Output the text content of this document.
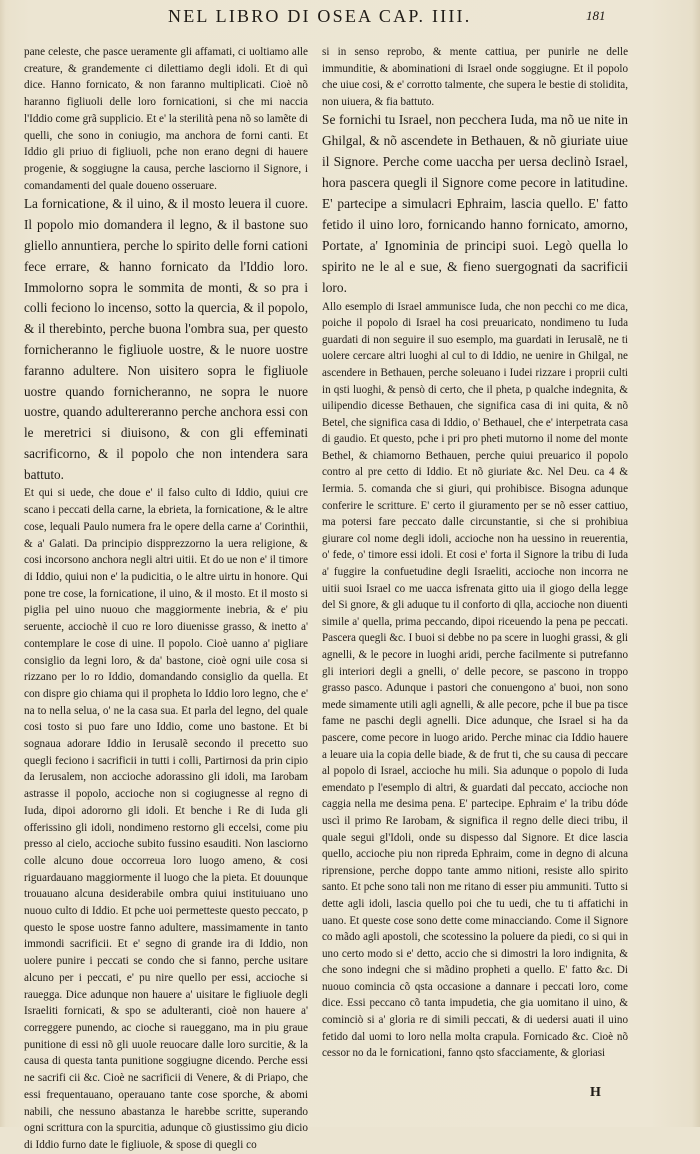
NEL LIBRO DI OSEA CAP. IIII.	181

pane celeste, che pasce ueramente gli affamati, ci uoltiamo alle creature, & grandemente ci dilettiamo degli idoli. Et di quì dice. Hanno fornicato, & non faranno multiplicati. Cioè nõ haranno figliuoli delle loro fornicationi, si che mi naccia l'Iddio come grã supplicio. Et e' la sterilità pena nõ so lamẽte di quelli, che sono in coniugio, ma anchora de forni canti. Et Iddio gli priuo di figliuoli, pche non erano degni di hauere progenie, & soggiugne la causa, perche lasciorno il Signore, i comandamenti del quale doueno osseruare.

La fornicatione, & il uino, & il mosto leuera il cuore. Il popolo mio domandera il legno, & il bastone suo gliello annuntiera, perche lo spirito delle forni cationi fece errare, & hanno fornicato da l'Iddio loro. Immolorno sopra le sommita de monti, & so pra i colli feciono lo incenso, sotto la quercia, & il popolo, & il therebinto, perche buona l'ombra sua, per questo fornicheranno le figliuole uostre, & le nuore uostre faranno adultere. Non uisitero sopra le figliuole uostre quando fornicheranno, ne sopra le nuore uostre, quando adultereranno perche anchora essi con le meretrici si diuisono, & con gli effeminati sacrificorno, & il popolo che non intendera sara battuto.

Et qui si uede, che doue e' il falso culto di Iddio, quiui cre scano i peccati della carne, la ebrieta, la fornicatione, & le altre cose, lequali Paulo numera fra le opere della carne a' Corinthii, & a' Galati. Da principio dispprezzorno la uera religione, & cosi incorsono anchora negli altri uitii. Et do ue non e' il timore di Iddio, quiui non e' la pudicitia, o le altre uirtu in honore. Qui pone tre cose, la fornicatione, il uino, & il mosto. Et il mosto si piglia pel uino nuouo che maggiormente inebria, & e' piu seruente, acciochè il cuo re loro diuenisse grasso, & inetto a' contemplare le cose di uine. Il popolo. Cioè uanno a' pigliare consiglio da legni loro, & da' bastone, cioè ogni uile cosa si rizzano per lo ro Iddio, domandando consiglio da quella. Et con dispre gio chiama qui il propheta lo Iddio loro legno, che e' na to nella selua, o' ne la casa sua. Et parla del legno, del quale cosi tosto si puo fare uno Iddio, come uno bastone. Et bi sognaua adorare Iddio in Ierusalẽ secondo il precetto suo quegli feciono i sacrificii in tutti i colli, Partirnosi da prin cipio da Ierusalem, non accioche adorassino gli idoli, ma Iarobam astrasse il popolo, accioche non si cogiugnesse al regno di Iuda, dipoi adororno gli idoli. Et benche i Re di Iuda gli offerissino gli idoli, nondimeno restorno gli eccelsi, come piu presso al cielo, accioche subito fussino esauditi. Non lasciorno colle alcuno doue occorreua loro luogo ameno, & cosi riguardauano maggiormente il luogo che la pieta. Et douunque trouauano alcuna desiderabile ombra quiui instituiuano uno nuouo culto di Iddio. Et pche uoi permetteste questo peccato, p questo le spose uostre fanno adultere, massimamente in tanto immondi sacrificii. Et e' segno di grande ira di Iddio, non uolere punire i peccati se condo che si fanno, perche usitare alcuno per i peccati, e' pu nire quello per essi, accioche si rauegga. Dice adunque non hauere a' uisitare le figliuole degli Israeliti fornicati, & spo se adulteranti, cioè non hauere a' correggere punendo, ac cioche si raueggano, ma in piu graue punitione di essi nõ gli uuole reuocare dalle loro surcitie, & la causa di questa tanta punitione soggiugne dicendo. Perche essi ne sacrifi cii &c. Cioè ne sacrificii di Venere, & di Priapo, che essi frequentauano, operauano tante cose sporche, & abomi nabili, che nessuno abastanza le harebbe scritte, superando ogni scrittura con la spurcitia, adunque cõ giustissimo giu dicio di Iddio furno date le figliuole, & spose di quegli co

si in senso reprobo, & mente cattiua, per punirle ne delle immunditie, & abominationi di Israel onde soggiugne. Et il popolo che uiue cosi, & e' corrotto talmente, che supera le bestie di stolidita, non uiuera, & fia battuto.

Se fornichi tu Israel, non pecchera Iuda, ma nõ ue nite in Ghilgal, & nõ ascendete in Bethauen, & nõ giuriate uiue il Signore. Perche come uaccha per uersa declinò Israel, hora pascera quegli il Signore come pecore in latitudine. E' partecipe a simulacri Ephraim, lascia quello. E' fatto fetido il uino loro, fornicando hanno fornicato, amorno, Portate, a' Ignominia de principi suoi. Legò quella lo spirito ne le al e sue, & fieno suergognati da sacrificii loro.

Allo esemplo di Israel ammunisce Iuda, che non pecchi co me dica, poiche il popolo di Israel ha cosi preuaricato, nondimeno tu Iuda guardati di non seguire il suo esemplo, ma guardati in Ierusalẽ, ne ti uolere cercare altri luoghi al cul to di Iddio, ne uenire in Ghilgal, ne ascendere in Bethauen, perche soleuano i Iudei rizzare i proprii culti in qsti luoghi, & pensò di certo, che il pheta, p qualche indegnita, & uilipendio dicesse Bethauen, che significa casa di ini quita, & nõ Betel, che significa casa di Iddio, o' Bethauel, che e' interpetrata casa di gaudio. Et questo, pche i pri pro pheti mutorno il nome del monte Bethel, & chiamorno Bethauen, perche quiui preuarico il popolo contro al pre cetto di Iddio. Et nõ giuriate &c. Nel Deu. ca 4 & Iermia. 5. comanda che si giuri, qui prohibisce. Bisogna adunque conferire le scritture. E' certo il giuramento per se nõ esser cattiuo, ma potersi fare peccato dalle circunstantie, si che si prohibiua giurare col nome degli idoli, accioche non ha uessino in reuerentia, o' fede, o' timore essi idoli. Et cosi e' forta il Signore la tribu di Iuda a' fuggire la confuetudine degli Israeliti, accioche non incorra ne uitii suoi Israel co me uacca isfrenata gitto uia il giogo della legge del Si gnore, & gli aduque tu il conforto di qlla, accioche non diuenti simile a' quella, prima peccando, dipoi riceuendo la pena pe peccati. Pascera quegli &c. I buoi si debbe no pa scere in luoghi grassi, & gli agnelli, & le pecore in luoghi aridi, perche facilmente si putrefanno gli interiori degli a gnelli, o' delle pecore, se pascono in troppo grasso pasco. Adunque i pastori che conuengono a' buoi, non sono mede simamente utili agli agnelli, & alle pecore, pche il bue pa tisce fame ne paschi degli agnelli. Dice adunque, che Israel si ha da pascere, come pecore in luogo arido. Perche minac cia Iddio hauere a leuare uia la copia delle biade, & de frut ti, che su causa di peccare al popolo di Israel, accioche hu mili. Sia adunque o popolo di Iuda emendato p l'esemplo di altri, & guardati dal peccato, accioche non caggia nella me desima pena. E' partecipe. Ephraim e' la tribu dóde uscì il primo Re Iarobam, & significa il regno delle dieci tribu, il quale segui gl'Idoli, onde su dispesso dal Signore. Et dice lascia quello, accioche piu non ripreda Ephraim, come in degno di alcuna riprensione, perche doppo tante ammo nitioni, resiste allo spirito santo. Et pche sono tali non me ritano di esser piu ammuniti. Tutto si dette agli idoli, lascia quello poi che tu uedi, che tu ti affatichi in uano. Et queste cose sono dette come minacciando. Come il Signore co mãdo agli apostoli, che scotessino la poluere da piedi, co si qui in uno certo modo si e' detto, accio che si dimostri la loro indignita, & che sono indegni che si mãdino propheti a quello. E' fatto &c. Di nuouo comincia cõ qsta occasione a dannare i peccati loro, come dice. Essi peccano cõ tanta impudetia, che gia uomitano il uino, & cominciò si a' gloria re di simili peccati, & di uedersi auati il uino fetido dal uomi to loro nella molta crapula. Fornicado &c. Cioè nõ cessor no da le fornicationi, fanno qsto sfacciamente, & gloriasi

H
